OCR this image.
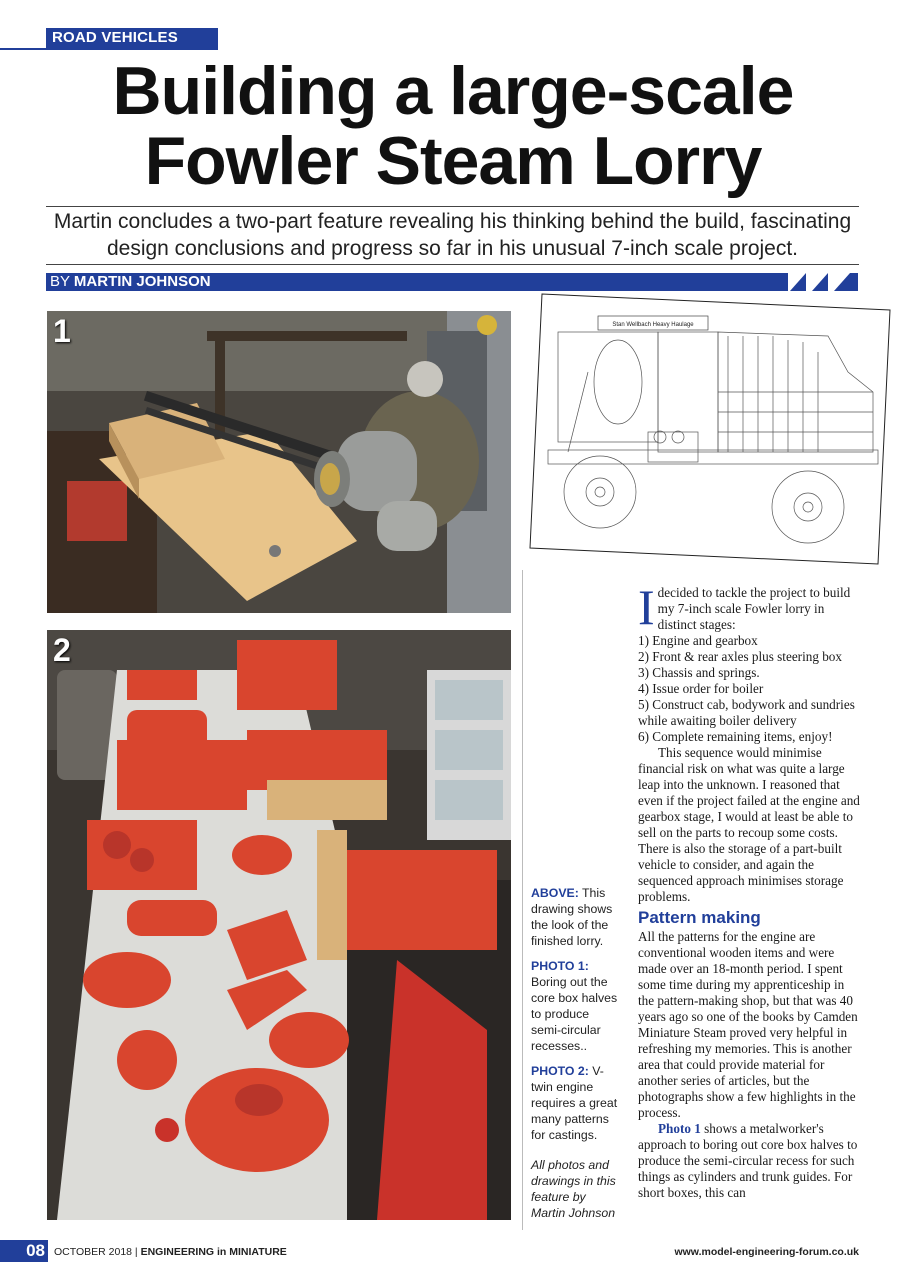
ROAD VEHICLES
Building a large-scale
Fowler Steam Lorry

Martin concludes a two-part feature revealing his thinking behind the build, fascinating design conclusions and progress so far in his unusual 7-inch scale project.

BY MARTIN JOHNSON
1
2
Stan Wellbach Heavy Haulage
I decided to tackle the project to build my 7-inch scale Fowler lorry in distinct stages:

1) Engine and gearbox

2) Front & rear axles plus steering box

3) Chassis and springs.

4) Issue order for boiler

5) Construct cab, bodywork and sundries while awaiting boiler delivery

6) Complete remaining items, enjoy!

This sequence would minimise financial risk on what was quite a large leap into the unknown. I reasoned that even if the project failed at the engine and gearbox stage, I would at least be able to sell on the parts to recoup some costs. There is also the storage of a part-built vehicle to consider, and again the sequenced approach minimises storage problems.

Pattern making

All the patterns for the engine are conventional wooden items and were made over an 18-month period. I spent some time during my apprenticeship in the pattern-making shop, but that was 40 years ago so one of the books by Camden Miniature Steam proved very helpful in refreshing my memories. This is another area that could provide material for another series of articles, but the photographs show a few highlights in the process.

Photo 1 shows a metalworker's approach to boring out core box halves to produce the semi-circular recess for such things as cylinders and trunk guides. For short boxes, this can

ABOVE: This drawing shows the look of the finished lorry.
PHOTO 1: Boring out the core box halves to produce semi-circular recesses..
PHOTO 2: V-twin engine requires a great many patterns for castings.
All photos and drawings in this feature by Martin Johnson
08 OCTOBER 2018 | ENGINEERING in MINIATURE	www.model-engineering-forum.co.uk
